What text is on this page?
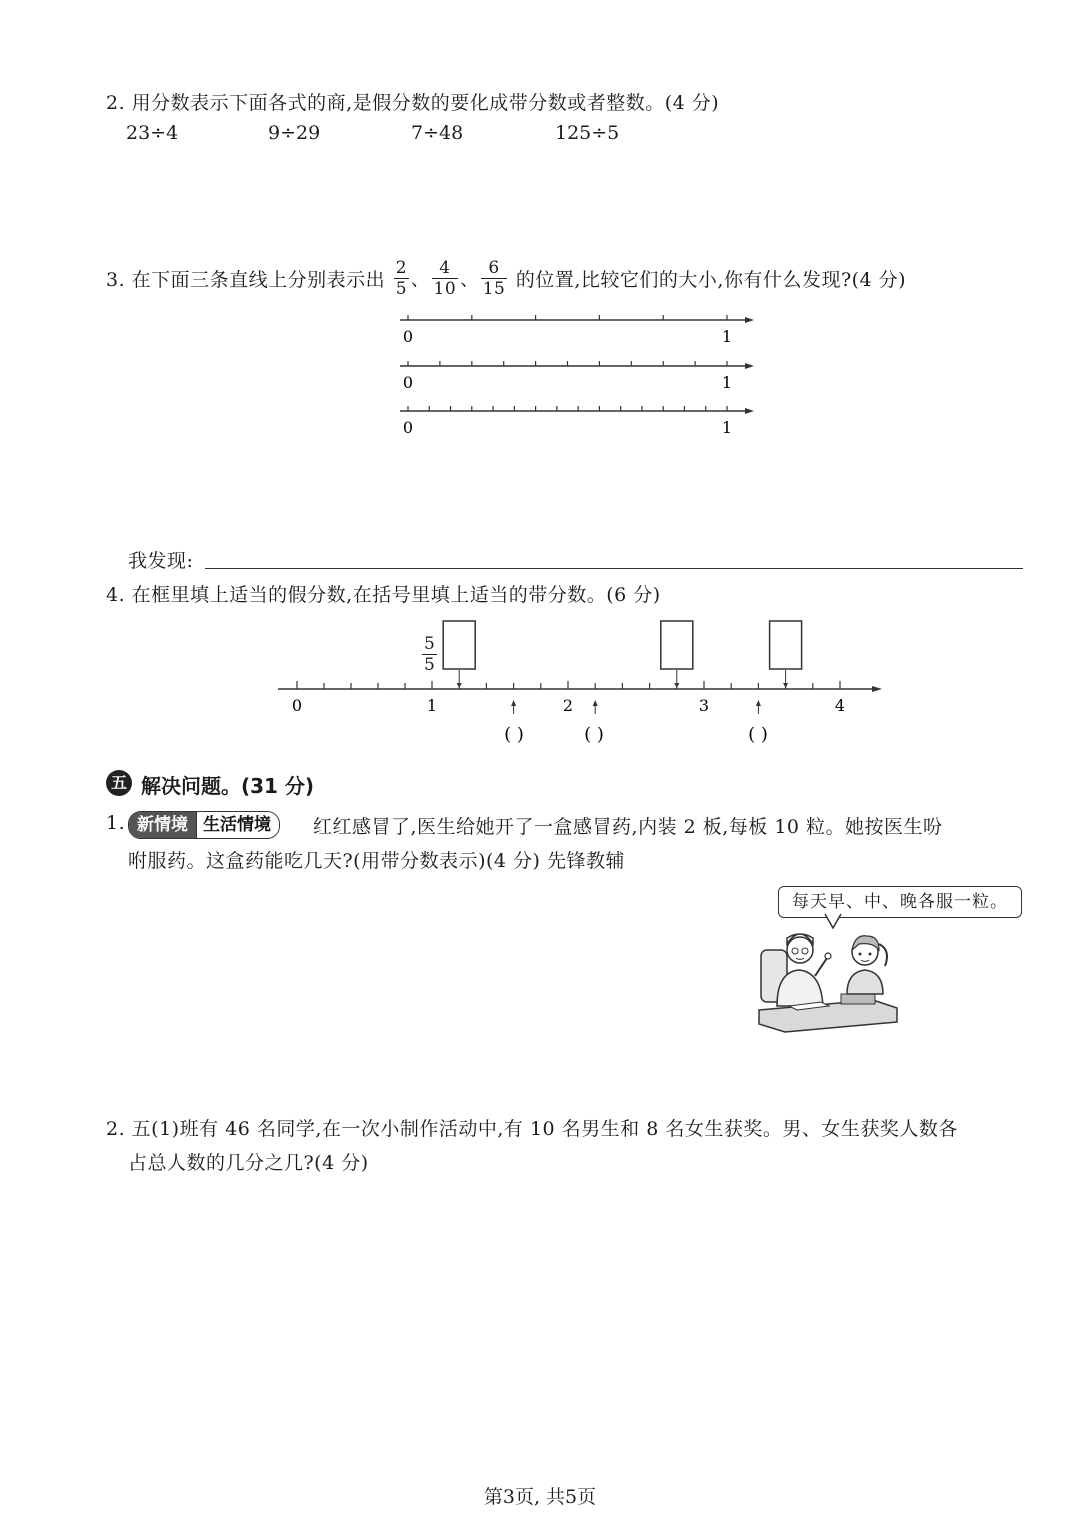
2. 用分数表示下面各式的商,是假分数的要化成带分数或者整数。(4 分)
23÷4	9÷29	7÷48	125÷5
3. 在下面三条直线上分别表示出 $\frac{2}{5}$ 、 $\frac{4}{10}$ 、 $\frac{6}{15}$ 的位置,比较它们的大小,你有什么发现?(4 分)
0	1
0	1
0	1
我发现:
4. 在框里填上适当的假分数,在括号里填上适当的带分数。(6 分)
$\frac{5}{5}$
0	1	2	3	4
( )	( )	( )
五 解决问题。(31 分)
1. 新情境 生活情境	红红感冒了,医生给她开了一盒感冒药,内装 2 板,每板 10 粒。她按医生吩
咐服药。这盒药能吃几天?(用带分数表示)(4 分) 先锋教辅
每天早、中、晚各服一粒。
2. 五(1)班有 46 名同学,在一次小制作活动中,有 10 名男生和 8 名女生获奖。男、女生获奖人数各
占总人数的几分之几?(4 分)
第3页, 共5页
